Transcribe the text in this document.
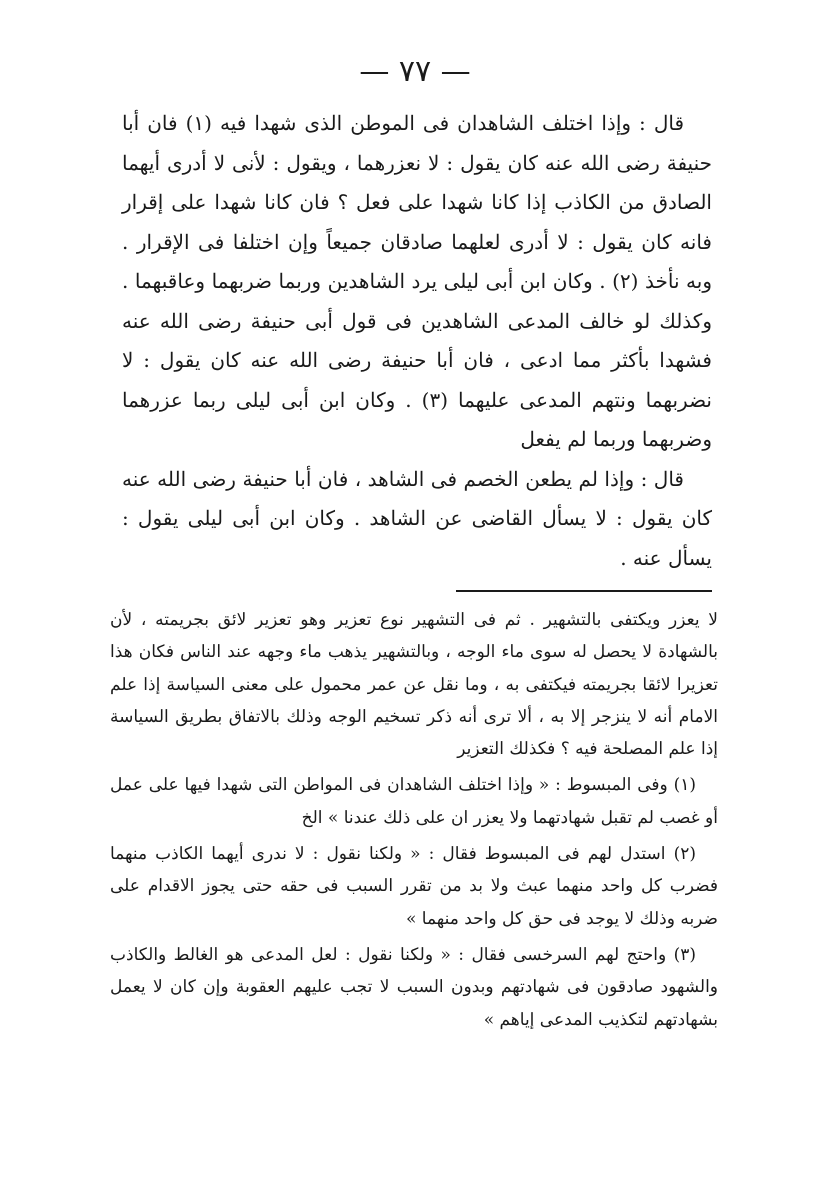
— ٧٧ —

قال : وإذا اختلف الشاهدان فى الموطن الذى شهدا فيه (١) فان أبا حنيفة رضى الله عنه كان يقول : لا نعزرهما ، ويقول : لأنى لا أدرى أيهما الصادق من الكاذب إذا كانا شهدا على فعل ؟ فان كانا شهدا على إقرار فانه كان يقول : لا أدرى لعلهما صادقان جميعاً وإن اختلفا فى الإقرار . وبه نأخذ (٢) . وكان ابن أبى ليلى يرد الشاهدين وربما ضربهما وعاقبهما . وكذلك لو خالف المدعى الشاهدين فى قول أبى حنيفة رضى الله عنه فشهدا بأكثر مما ادعى ، فان أبا حنيفة رضى الله عنه كان يقول : لا نضربهما ونتهم المدعى عليهما (٣) . وكان ابن أبى ليلى ربما عزرهما وضربهما وربما لم يفعل

قال : وإذا لم يطعن الخصم فى الشاهد ، فان أبا حنيفة رضى الله عنه كان يقول : لا يسأل القاضى عن الشاهد . وكان ابن أبى ليلى يقول : يسأل عنه .

لا يعزر ويكتفى بالتشهير . ثم فى التشهير نوع تعزير وهو تعزير لائق بجريمته ، لأن بالشهادة لا يحصل له سوى ماء الوجه ، وبالتشهير يذهب ماء وجهه عند الناس فكان هذا تعزيرا لائقا بجريمته فيكتفى به ، وما نقل عن عمر محمول على معنى السياسة إذا علم الامام أنه لا ينزجر إلا به ، ألا ترى أنه ذكر تسخيم الوجه وذلك بالاتفاق بطريق السياسة إذا علم المصلحة فيه ؟ فكذلك التعزير

(١) وفى المبسوط : « وإذا اختلف الشاهدان فى المواطن التى شهدا فيها على عمل أو غصب لم تقبل شهادتهما ولا يعزر ان على ذلك عندنا » الخ

(٢) استدل لهم فى المبسوط فقال : « ولكنا نقول : لا ندرى أيهما الكاذب منهما فضرب كل واحد منهما عبث ولا بد من تقرر السبب فى حقه حتى يجوز الاقدام على ضربه وذلك لا يوجد فى حق كل واحد منهما »

(٣) واحتج لهم السرخسى فقال : « ولكنا نقول : لعل المدعى هو الغالط والكاذب والشهود صادقون فى شهادتهم وبدون السبب لا تجب عليهم العقوبة وإن كان لا يعمل بشهادتهم لتكذيب المدعى إياهم »
